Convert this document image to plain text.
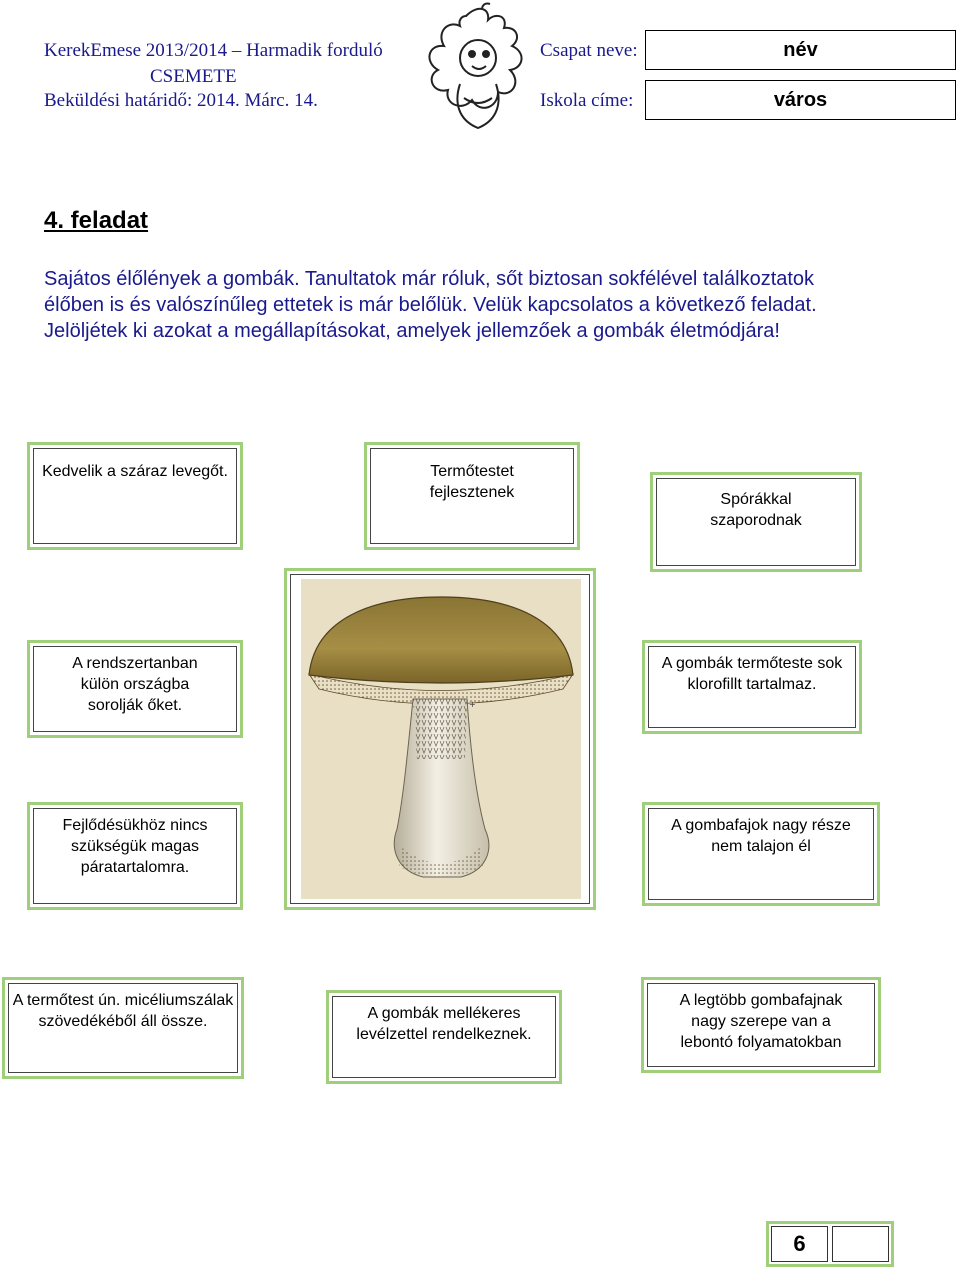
KerekEmese 2013/2014 – Harmadik forduló
CSEMETE
Beküldési határidő: 2014. Márc. 14.
Csapat neve:	név
Iskola címe:	város
4. feladat
Sajátos élőlények a gombák. Tanultatok már róluk, sőt biztosan sokfélével találkoztatok élőben is és valószínűleg ettetek is már belőlük. Velük kapcsolatos a következő feladat. Jelöljétek ki azokat a megállapításokat, amelyek jellemzőek a gombák életmódjára!
Kedvelik a száraz levegőt.	Termőtestet fejlesztenek	Spórákkal szaporodnak
A rendszertanban külön országba sorolják őket.
A gombák termőteste sok klorofillt tartalmaz.
Fejlődésükhöz nincs szükségük magas páratartalomra.
A gombafajok nagy része nem talajon él
A termőtest ún. micéliumszálak szövedékéből áll össze.	A gombák mellékeres levélzettel rendelkeznek.
A legtöbb gombafajnak nagy szerepe van a lebontó folyamatokban
+
6
